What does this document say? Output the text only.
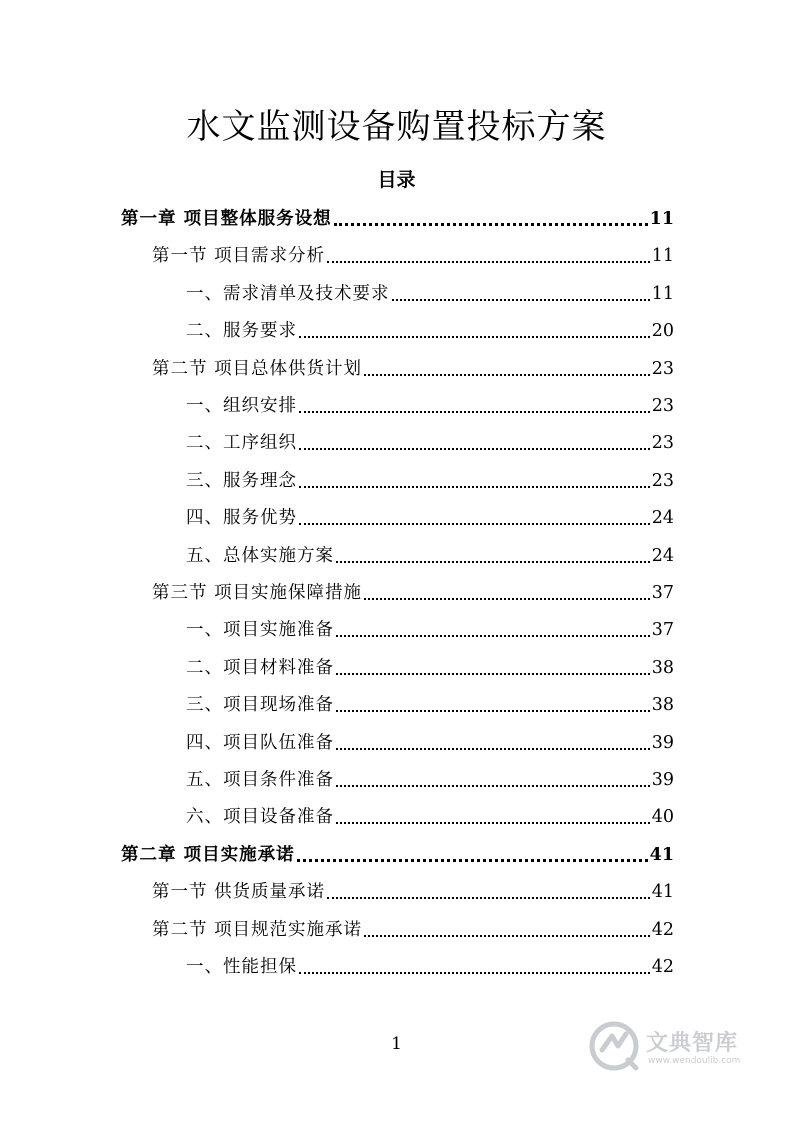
水文监测设备购置投标方案
目录
第一章 项目整体服务设想	11
第一节 项目需求分析	11
一、需求清单及技术要求	11
二、服务要求	20
第二节 项目总体供货计划	23
一、组织安排	23
二、工序组织	23
三、服务理念	23
四、服务优势	24
五、总体实施方案	24
第三节 项目实施保障措施	37
一、项目实施准备	37
二、项目材料准备	38
三、项目现场准备	38
四、项目队伍准备	39
五、项目条件准备	39
六、项目设备准备	40
第二章 项目实施承诺	41
第一节 供货质量承诺	41
第二节 项目规范实施承诺	42
一、性能担保	42
1	文典智库
www.wendoulib.com
